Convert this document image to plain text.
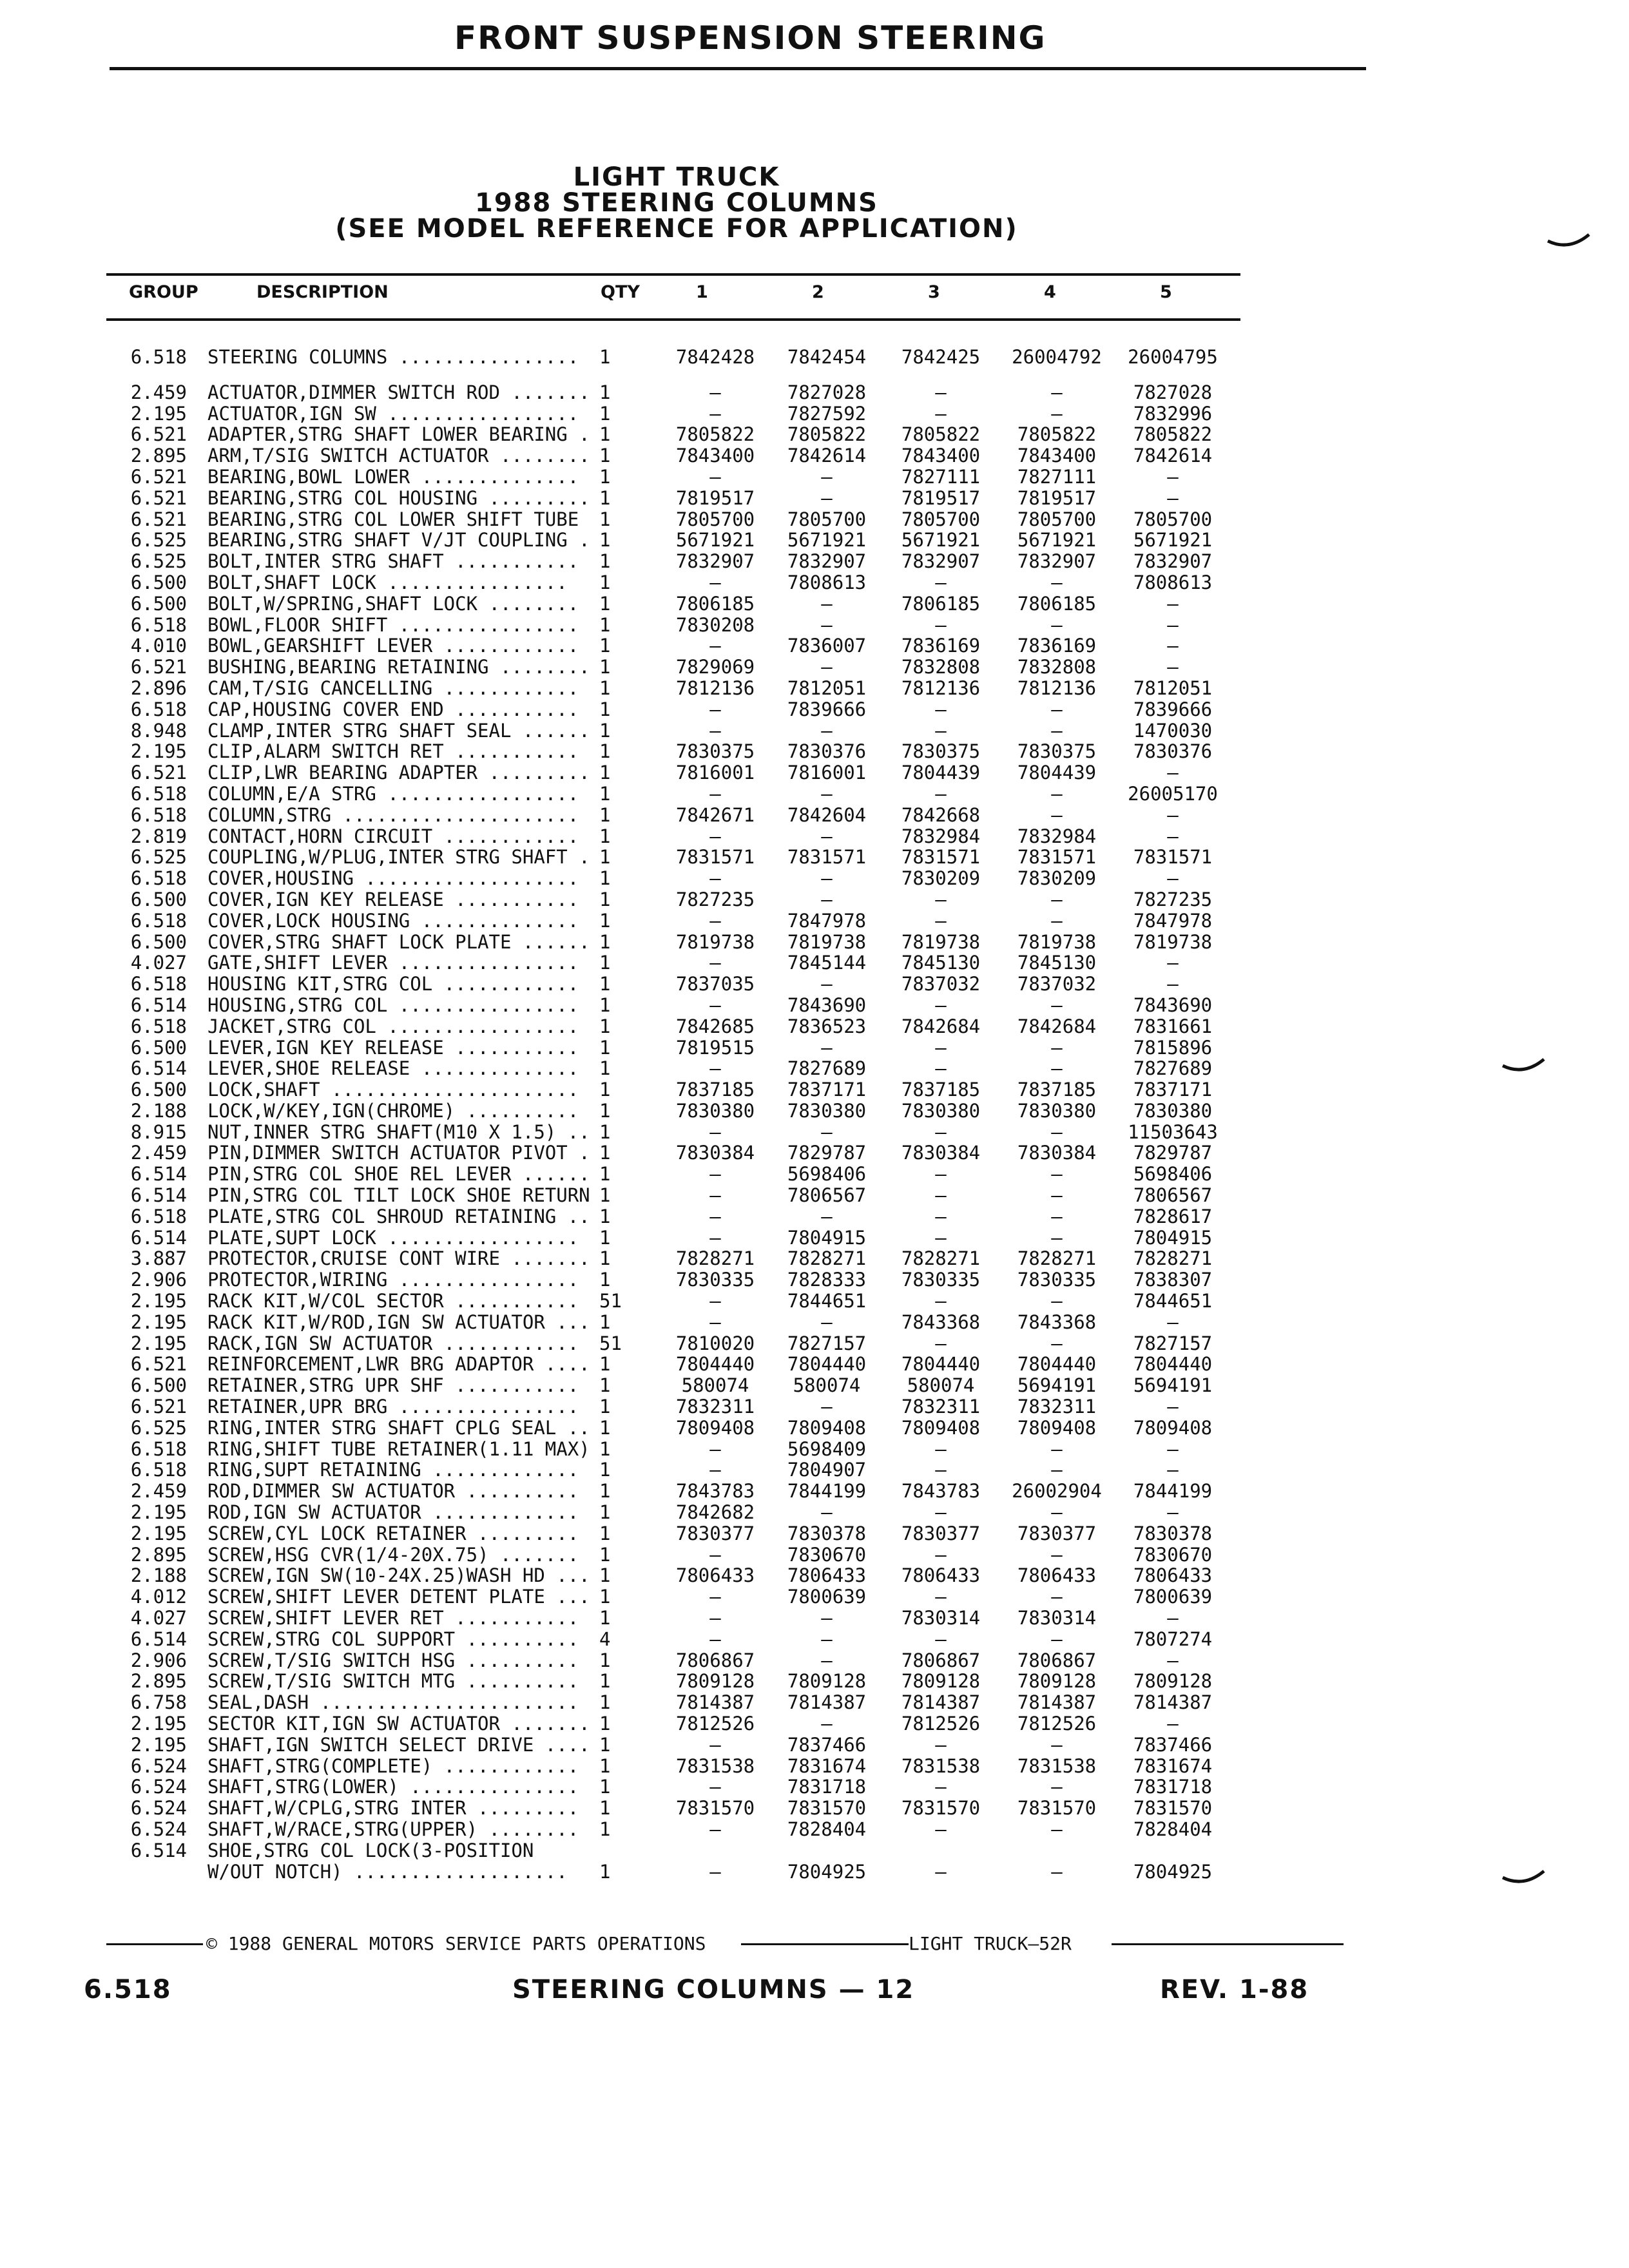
FRONT SUSPENSION STEERING
LIGHT TRUCK
1988 STEERING COLUMNS
(SEE MODEL REFERENCE FOR APPLICATION)
GROUP	DESCRIPTION	QTY	1	2	3	4	5
6.518 STEERING COLUMNS ................	1	7842428	7842454	7842425	26004792	26004795
2.459 ACTUATOR,DIMMER SWITCH ROD ....... 1	—	7827028	—	—	7827028
2.195 ACTUATOR,IGN SW .................	1	—	7827592	—	—	7832996
6.521 ADAPTER,STRG SHAFT LOWER BEARING . 1	7805822	7805822	7805822	7805822	7805822
2.895 ARM,T/SIG SWITCH ACTUATOR ........ 1	7843400	7842614	7843400	7843400	7842614
6.521 BEARING,BOWL LOWER ..............	1	—	—	7827111	7827111	—
6.521 BEARING,STRG COL HOUSING ......... 1	7819517	—	7819517	7819517	—
6.521 BEARING,STRG COL LOWER SHIFT TUBE	1	7805700	7805700	7805700	7805700	7805700
6.525 BEARING,STRG SHAFT V/JT COUPLING . 1	5671921	5671921	5671921	5671921	5671921
6.525 BOLT,INTER STRG SHAFT ...........	1	7832907	7832907	7832907	7832907	7832907
6.500 BOLT,SHAFT LOCK ................	1	—	7808613	—	—	7808613
6.500 BOLT,W/SPRING,SHAFT LOCK ........	1	7806185	—	7806185	7806185	—
6.518 BOWL,FLOOR SHIFT ................	1	7830208	—	—	—	—
4.010 BOWL,GEARSHIFT LEVER ............	1	—	7836007	7836169	7836169	—
6.521 BUSHING,BEARING RETAINING ........ 1	7829069	—	7832808	7832808	—
2.896 CAM,T/SIG CANCELLING ............	1	7812136	7812051	7812136	7812136	7812051
6.518 CAP,HOUSING COVER END ...........	1	—	7839666	—	—	7839666
8.948 CLAMP,INTER STRG SHAFT SEAL ...... 1	—	—	—	—	1470030
2.195 CLIP,ALARM SWITCH RET ...........	1	7830375	7830376	7830375	7830375	7830376
6.521 CLIP,LWR BEARING ADAPTER ......... 1	7816001	7816001	7804439	7804439	—
6.518 COLUMN,E/A STRG .................	1	—	—	—	—	26005170
6.518 COLUMN,STRG .....................	1	7842671	7842604	7842668	—	—
2.819 CONTACT,HORN CIRCUIT ............	1	—	—	7832984	7832984	—
6.525 COUPLING,W/PLUG,INTER STRG SHAFT . 1	7831571	7831571	7831571	7831571	7831571
6.518 COVER,HOUSING ...................	1	—	—	7830209	7830209	—
6.500 COVER,IGN KEY RELEASE ...........	1	7827235	—	—	—	7827235
6.518 COVER,LOCK HOUSING ..............	1	—	7847978	—	—	7847978
6.500 COVER,STRG SHAFT LOCK PLATE ...... 1	7819738	7819738	7819738	7819738	7819738
4.027 GATE,SHIFT LEVER ................	1	—	7845144	7845130	7845130	—
6.518 HOUSING KIT,STRG COL ............	1	7837035	—	7837032	7837032	—
6.514 HOUSING,STRG COL ................	1	—	7843690	—	—	7843690
6.518 JACKET,STRG COL .................	1	7842685	7836523	7842684	7842684	7831661
6.500 LEVER,IGN KEY RELEASE ...........	1	7819515	—	—	—	7815896
6.514 LEVER,SHOE RELEASE ..............	1	—	7827689	—	—	7827689
6.500 LOCK,SHAFT ......................	1	7837185	7837171	7837185	7837185	7837171
2.188 LOCK,W/KEY,IGN(CHROME) ..........	1	7830380	7830380	7830380	7830380	7830380
8.915 NUT,INNER STRG SHAFT(M10 X 1.5) .. 1	—	—	—	—	11503643
2.459 PIN,DIMMER SWITCH ACTUATOR PIVOT . 1	7830384	7829787	7830384	7830384	7829787
6.514 PIN,STRG COL SHOE REL LEVER ...... 1	—	5698406	—	—	5698406
6.514 PIN,STRG COL TILT LOCK SHOE RETURN 1	—	7806567	—	—	7806567
6.518 PLATE,STRG COL SHROUD RETAINING .. 1	—	—	—	—	7828617
6.514 PLATE,SUPT LOCK .................	1	—	7804915	—	—	7804915
3.887 PROTECTOR,CRUISE CONT WIRE ....... 1	7828271	7828271	7828271	7828271	7828271
2.906 PROTECTOR,WIRING ................	1	7830335	7828333	7830335	7830335	7838307
2.195 RACK KIT,W/COL SECTOR ...........	51	—	7844651	—	—	7844651
2.195 RACK KIT,W/ROD,IGN SW ACTUATOR ... 1	—	—	7843368	7843368	—
2.195 RACK,IGN SW ACTUATOR ............	51	7810020	7827157	—	—	7827157
6.521 REINFORCEMENT,LWR BRG ADAPTOR .... 1	7804440	7804440	7804440	7804440	7804440
6.500 RETAINER,STRG UPR SHF ...........	1	580074	580074	580074	5694191	5694191
6.521 RETAINER,UPR BRG ................	1	7832311	—	7832311	7832311	—
6.525 RING,INTER STRG SHAFT CPLG SEAL .. 1	7809408	7809408	7809408	7809408	7809408
6.518 RING,SHIFT TUBE RETAINER(1.11 MAX) 1	—	5698409	—	—	—
6.518 RING,SUPT RETAINING .............	1	—	7804907	—	—	—
2.459 ROD,DIMMER SW ACTUATOR ..........	1	7843783	7844199	7843783	26002904	7844199
2.195 ROD,IGN SW ACTUATOR .............	1	7842682	—	—	—	—
2.195 SCREW,CYL LOCK RETAINER .........	1	7830377	7830378	7830377	7830377	7830378
2.895 SCREW,HSG CVR(1/4-20X.75) .......	1	—	7830670	—	—	7830670
2.188 SCREW,IGN SW(10-24X.25)WASH HD ... 1	7806433	7806433	7806433	7806433	7806433
4.012 SCREW,SHIFT LEVER DETENT PLATE ... 1	—	7800639	—	—	7800639
4.027 SCREW,SHIFT LEVER RET ...........	1	—	—	7830314	7830314	—
6.514 SCREW,STRG COL SUPPORT ..........	4	—	—	—	—	7807274
2.906 SCREW,T/SIG SWITCH HSG ..........	1	7806867	—	7806867	7806867	—
2.895 SCREW,T/SIG SWITCH MTG ..........	1	7809128	7809128	7809128	7809128	7809128
6.758 SEAL,DASH .......................	1	7814387	7814387	7814387	7814387	7814387
2.195 SECTOR KIT,IGN SW ACTUATOR ....... 1	7812526	—	7812526	7812526	—
2.195 SHAFT,IGN SWITCH SELECT DRIVE .... 1	—	7837466	—	—	7837466
6.524 SHAFT,STRG(COMPLETE) ............	1	7831538	7831674	7831538	7831538	7831674
6.524 SHAFT,STRG(LOWER) ...............	1	—	7831718	—	—	7831718
6.524 SHAFT,W/CPLG,STRG INTER .........	1	7831570	7831570	7831570	7831570	7831570
6.524 SHAFT,W/RACE,STRG(UPPER) ........	1	—	7828404	—	—	7828404
6.514 SHOE,STRG COL LOCK(3-POSITION
W/OUT NOTCH) ...................	1	—	7804925	—	—	7804925
© 1988 GENERAL MOTORS SERVICE PARTS OPERATIONS	LIGHT TRUCK—52R
6.518	STEERING COLUMNS — 12	REV. 1-88
